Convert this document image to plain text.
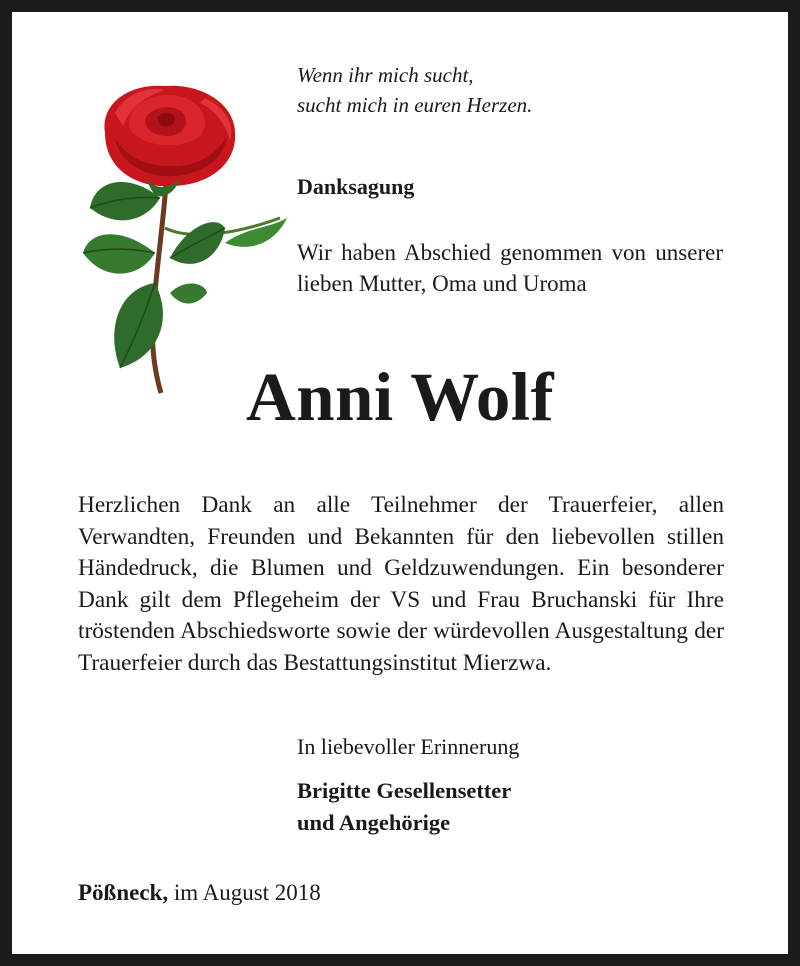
Wenn ihr mich sucht,
sucht mich in euren Herzen.
Danksagung
Wir haben Abschied genommen von unserer lieben Mutter, Oma und Uroma
Anni Wolf
Herzlichen Dank an alle Teilnehmer der Trauerfeier, allen Verwandten, Freunden und Bekannten für den liebevollen stillen Händedruck, die Blumen und Geldzuwendungen. Ein besonderer Dank gilt dem Pflegeheim der VS und Frau Bruchanski für Ihre tröstenden Abschiedsworte sowie der würdevollen Ausgestaltung der Trauerfeier durch das Bestattungsinstitut Mierzwa.
In liebevoller Erinnerung
Brigitte Gesellensetter
und Angehörige
Pößneck, im August 2018
